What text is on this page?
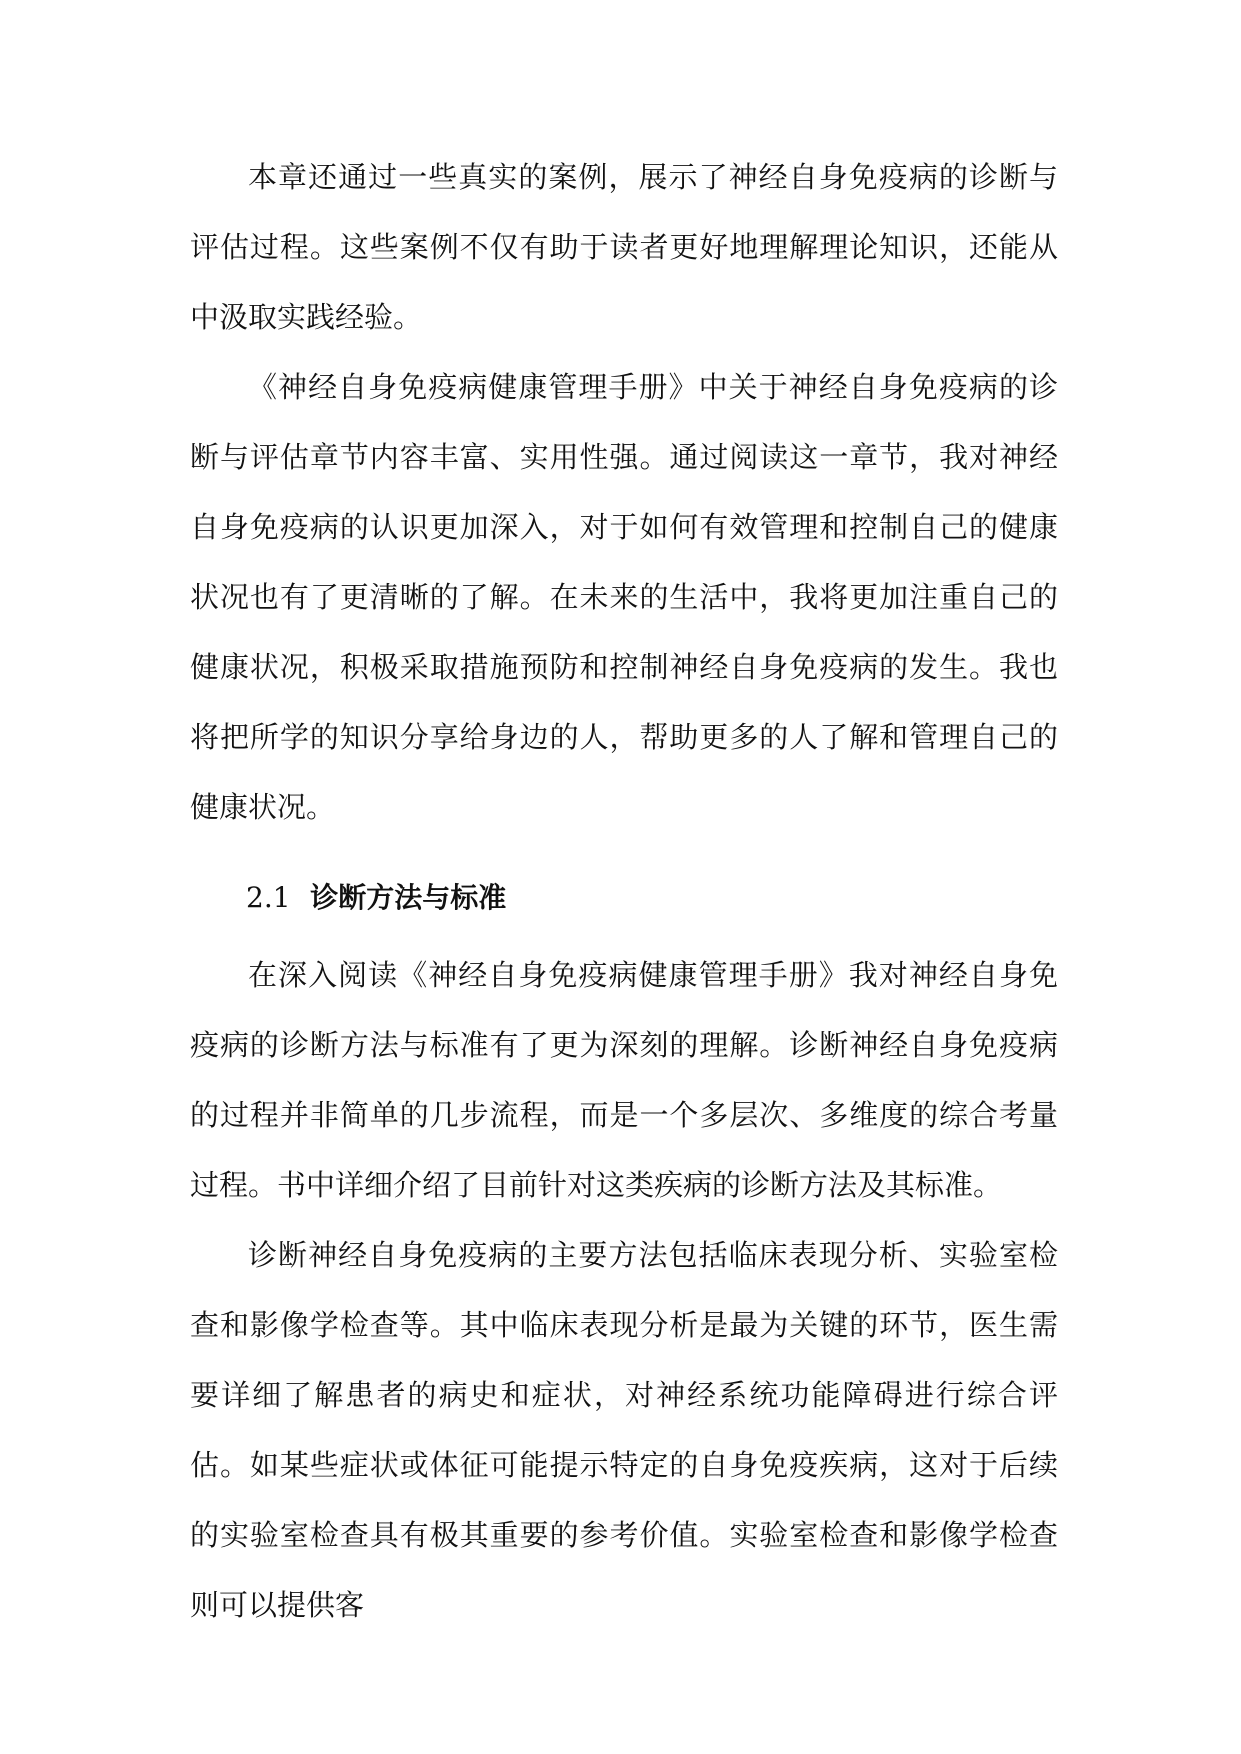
本章还通过一些真实的案例，展示了神经自身免疫病的诊断与评估过程。这些案例不仅有助于读者更好地理解理论知识，还能从中汲取实践经验。

《神经自身免疫病健康管理手册》中关于神经自身免疫病的诊断与评估章节内容丰富、实用性强。通过阅读这一章节，我对神经自身免疫病的认识更加深入，对于如何有效管理和控制自己的健康状况也有了更清晰的了解。在未来的生活中，我将更加注重自己的健康状况，积极采取措施预防和控制神经自身免疫病的发生。我也将把所学的知识分享给身边的人，帮助更多的人了解和管理自己的健康状况。

2.1 诊断方法与标准

在深入阅读《神经自身免疫病健康管理手册》我对神经自身免疫病的诊断方法与标准有了更为深刻的理解。诊断神经自身免疫病的过程并非简单的几步流程，而是一个多层次、多维度的综合考量过程。书中详细介绍了目前针对这类疾病的诊断方法及其标准。

诊断神经自身免疫病的主要方法包括临床表现分析、实验室检查和影像学检查等。其中临床表现分析是最为关键的环节，医生需要详细了解患者的病史和症状，对神经系统功能障碍进行综合评估。如某些症状或体征可能提示特定的自身免疫疾病，这对于后续的实验室检查具有极其重要的参考价值。实验室检查和影像学检查则可以提供客
